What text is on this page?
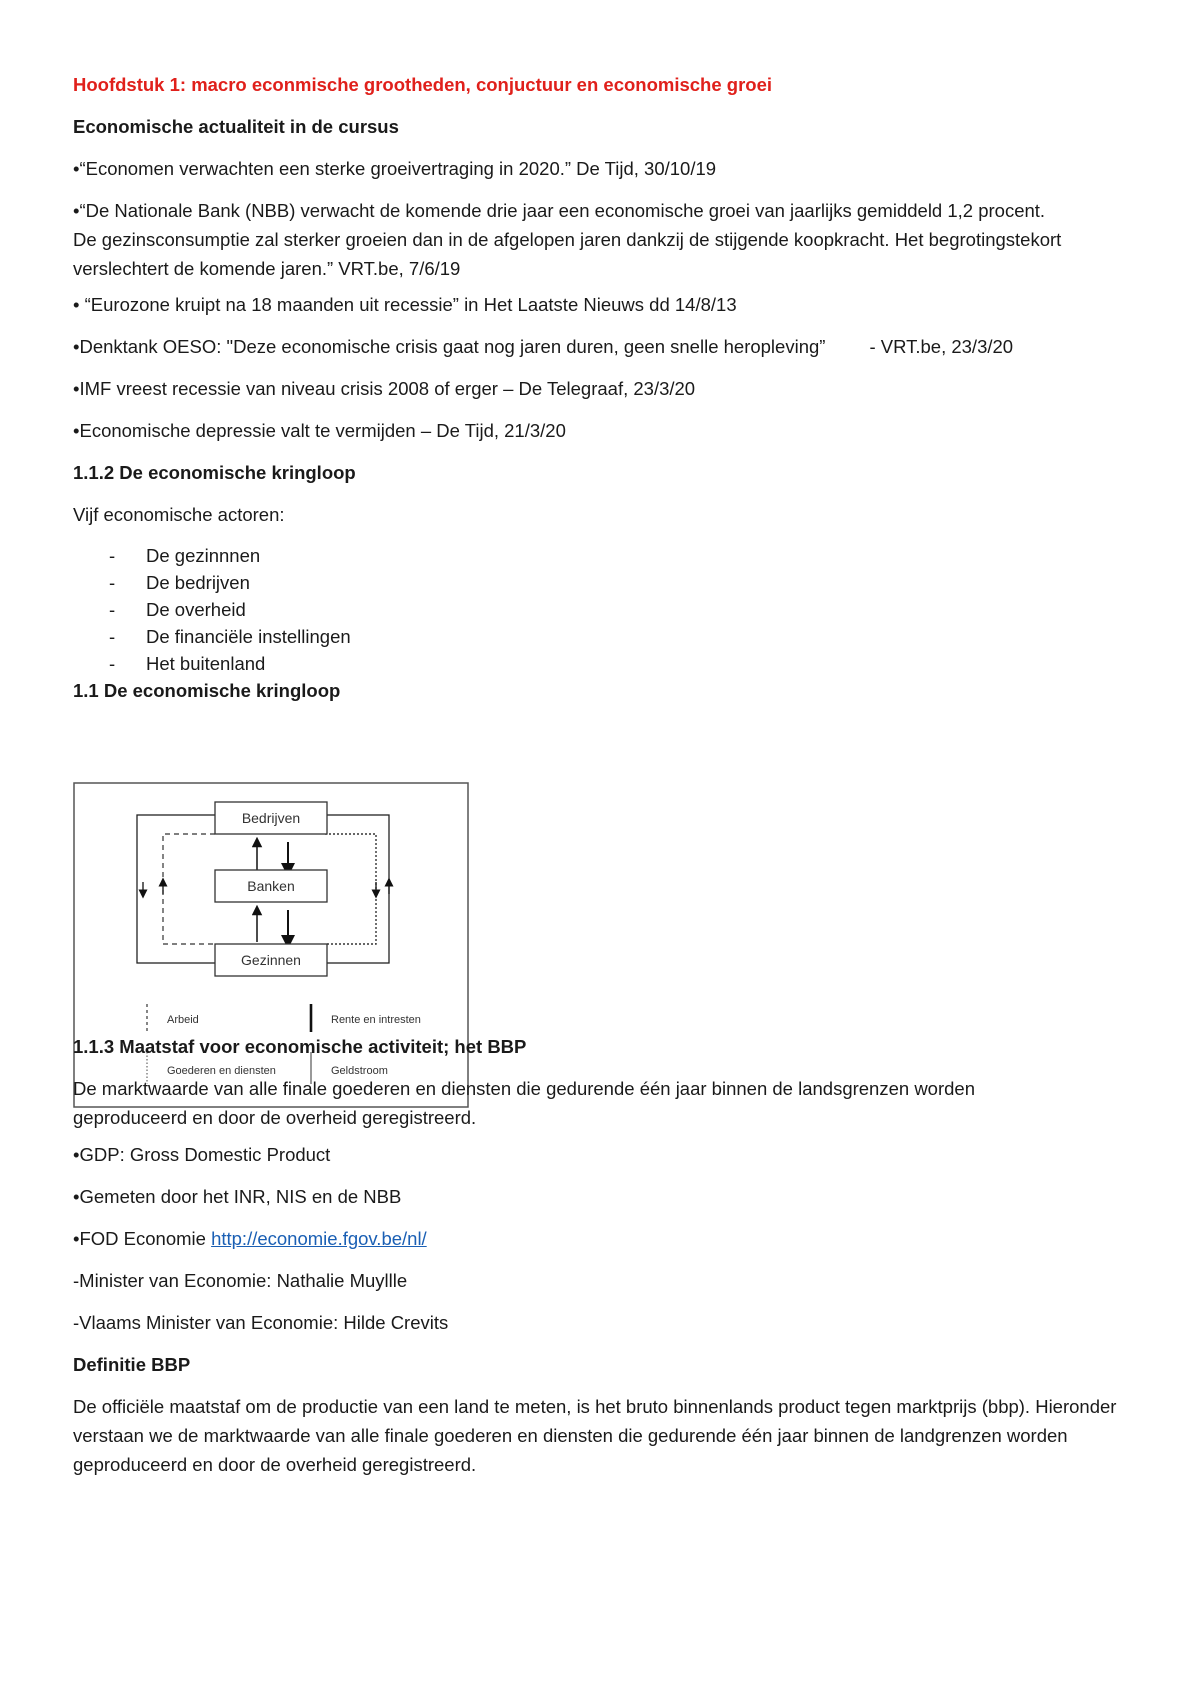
Hoofdstuk 1: macro econmische grootheden, conjuctuur en economische groei
Economische actualiteit in de cursus
•“Economen verwachten een sterke groeivertraging in 2020.” De Tijd, 30/10/19
•“De Nationale Bank (NBB) verwacht de komende drie jaar een economische groei van jaarlijks gemiddeld 1,2 procent. De gezinsconsumptie zal sterker groeien dan in de afgelopen jaren dankzij de stijgende koopkracht. Het begrotingstekort verslechtert de komende jaren.” VRT.be, 7/6/19
• “Eurozone kruipt na 18 maanden uit recessie” in Het Laatste Nieuws dd 14/8/13
•Denktank OESO: "Deze economische crisis gaat nog jaren duren, geen snelle heropleving” - VRT.be, 23/3/20
•IMF vreest recessie van niveau crisis 2008 of erger – De Telegraaf, 23/3/20
•Economische depressie valt te vermijden – De Tijd, 21/3/20
1.1.2 De economische kringloop
Vijf economische actoren:
- De gezinnnen
- De bedrijven
- De overheid
- De financiële instellingen
- Het buitenland
1.1 De economische kringloop
Bedrijven
Banken
Gezinnen
Arbeid	Rente en intresten
Goederen en diensten	Geldstroom
1.1.3 Maatstaf voor economische activiteit; het BBP
De marktwaarde van alle finale goederen en diensten die gedurende één jaar binnen de landsgrenzen worden geproduceerd en door de overheid geregistreerd.
•GDP: Gross Domestic Product
•Gemeten door het INR, NIS en de NBB
•FOD Economie http://economie.fgov.be/nl/
-Minister van Economie: Nathalie Muyllle
-Vlaams Minister van Economie: Hilde Crevits
Definitie BBP
De officiële maatstaf om de productie van een land te meten, is het bruto binnenlands product tegen marktprijs (bbp). Hieronder verstaan we de marktwaarde van alle finale goederen en diensten die gedurende één jaar binnen de landgrenzen worden geproduceerd en door de overheid geregistreerd.
